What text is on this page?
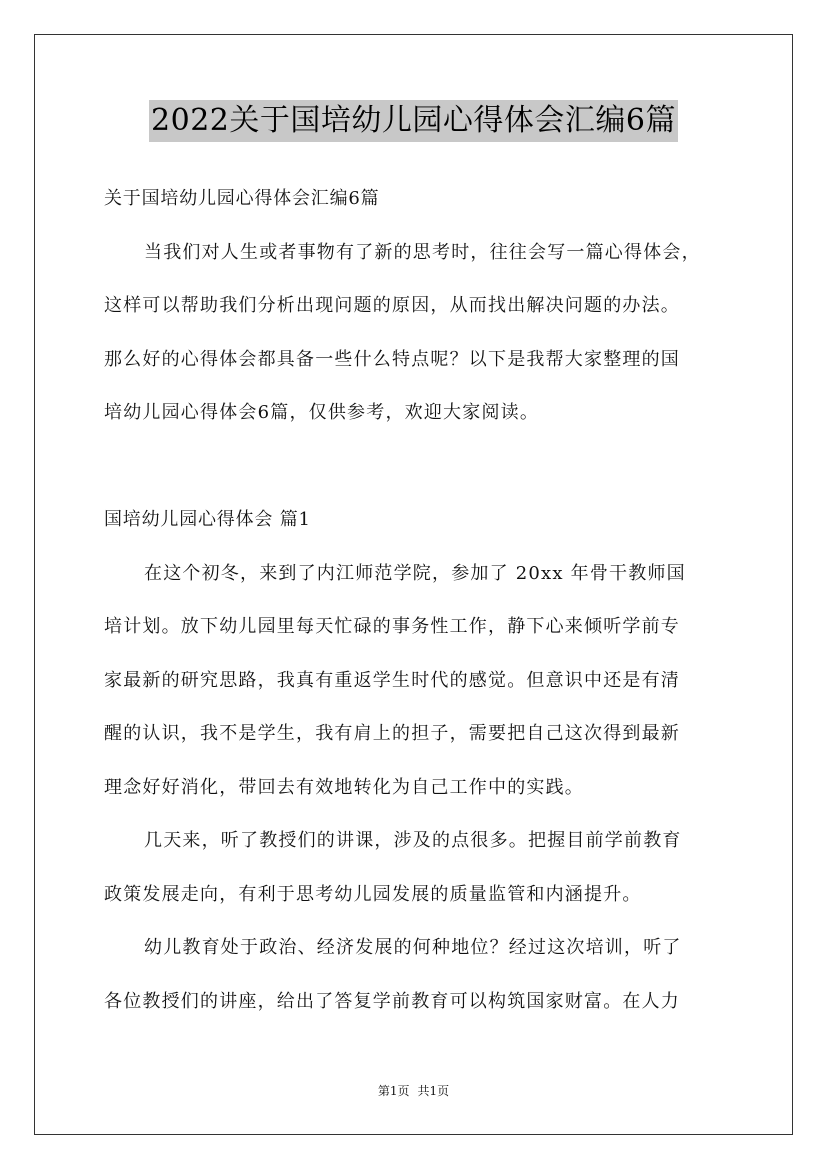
2022关于国培幼儿园心得体会汇编6篇
关于国培幼儿园心得体会汇编6篇
当我们对人生或者事物有了新的思考时，往往会写一篇心得体会，
这样可以帮助我们分析出现问题的原因，从而找出解决问题的办法。
那么好的心得体会都具备一些什么特点呢？以下是我帮大家整理的国
培幼儿园心得体会6篇，仅供参考，欢迎大家阅读。
国培幼儿园心得体会 篇1
在这个初冬，来到了内江师范学院，参加了 20xx 年骨干教师国
培计划。放下幼儿园里每天忙碌的事务性工作，静下心来倾听学前专
家最新的研究思路，我真有重返学生时代的感觉。但意识中还是有清
醒的认识，我不是学生，我有肩上的担子，需要把自己这次得到最新
理念好好消化，带回去有效地转化为自己工作中的实践。
几天来，听了教授们的讲课，涉及的点很多。把握目前学前教育
政策发展走向，有利于思考幼儿园发展的质量监管和内涵提升。
幼儿教育处于政治、经济发展的何种地位？经过这次培训，听了
各位教授们的讲座，给出了答复学前教育可以构筑国家财富。在人力
第1页 共1页
